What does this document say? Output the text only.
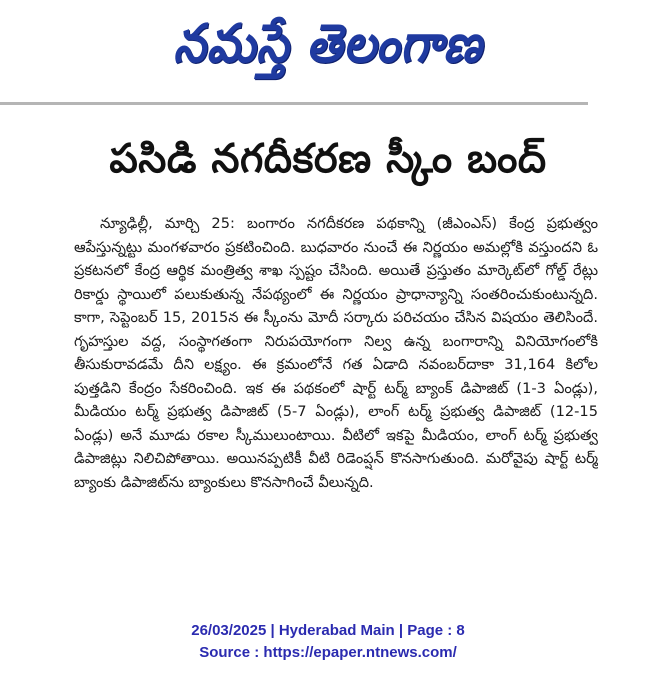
నమస్తే తెలంగాణ
పసిడి నగదీకరణ స్కీం బంద్

న్యూఢిల్లీ, మార్చి 25: బంగారం నగదీకరణ పథకాన్ని (జీఎంఎస్) కేంద్ర ప్రభుత్వం ఆపేస్తున్నట్టు మంగళవారం ప్రకటించింది. బుధవారం నుంచే ఈ నిర్ణయం అమల్లోకి వస్తుందని ఓ ప్రకటనలో కేంద్ర ఆర్థిక మంత్రిత్వ శాఖ స్పష్టం చేసింది. అయితే ప్రస్తుతం మార్కెట్‌లో గోల్డ్ రేట్లు రికార్డు స్థాయిలో పలుకుతున్న నేపథ్యంలో ఈ నిర్ణయం ప్రాధాన్యాన్ని సంతరించుకుంటున్నది. కాగా, సెప్టెంబర్ 15, 2015న ఈ స్కీంను మోదీ సర్కారు పరిచయం చేసిన విషయం తెలిసిందే. గృహస్తుల వద్ద, సంస్థాగతంగా నిరుపయోగంగా నిల్వ ఉన్న బంగారాన్ని వినియోగంలోకి తీసుకురావడమే దీని లక్ష్యం. ఈ క్రమంలోనే గత ఏడాది నవంబర్‌దాకా 31,164 కిలోల పుత్తడిని కేంద్రం సేకరించింది. ఇక ఈ పథకంలో షార్ట్ టర్మ్ బ్యాంక్ డిపాజిట్ (1-3 ఏండ్లు), మీడియం టర్మ్ ప్రభుత్వ డిపాజిట్ (5-7 ఏండ్లు), లాంగ్ టర్మ్ ప్రభుత్వ డిపాజిట్ (12-15 ఏండ్లు) అనే మూడు రకాల స్కీములుంటాయి. వీటిలో ఇకపై మీడియం, లాంగ్ టర్మ్ ప్రభుత్వ డిపాజిట్లు నిలిచిపోతాయి. అయినప్పటికీ వీటి రిడెంప్షన్ కొనసాగుతుంది. మరోవైపు షార్ట్ టర్మ్ బ్యాంకు డిపాజిట్‌ను బ్యాంకులు కొనసాగించే వీలున్నది.

26/03/2025 | Hyderabad Main | Page : 8
Source : https://epaper.ntnews.com/
